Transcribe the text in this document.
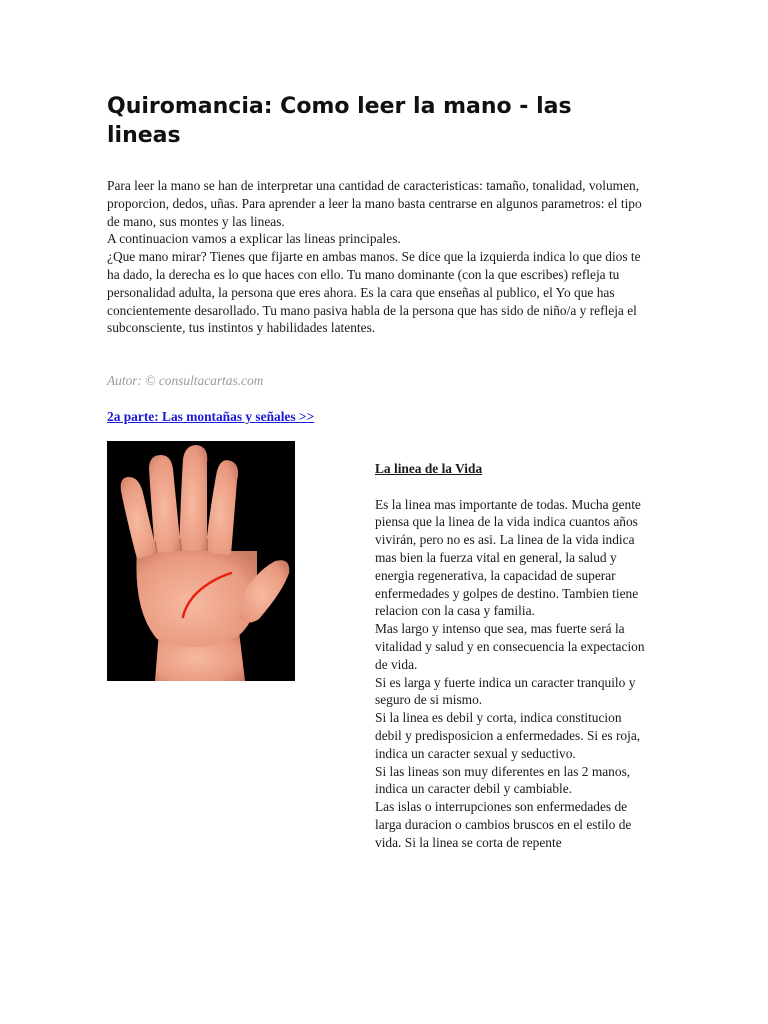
Quiromancia: Como leer la mano - las lineas

Para leer la mano se han de interpretar una cantidad de caracteristicas: tamaño, tonalidad, volumen, proporcion, dedos, uñas. Para aprender a leer la mano basta centrarse en algunos parametros: el tipo de mano, sus montes y las lineas.

A continuacion vamos a explicar las lineas principales.

¿Que mano mirar? Tienes que fijarte en ambas manos. Se dice que la izquierda indica lo que dios te ha dado, la derecha es lo que haces con ello. Tu mano dominante (con la que escribes) refleja tu personalidad adulta, la persona que eres ahora. Es la cara que enseñas al publico, el Yo que has concientemente desarollado. Tu mano pasiva habla de la persona que has sido de niño/a y refleja el subconsciente, tus instintos y habilidades latentes.

Autor: © consultacartas.com
2a parte: Las montañas y señales >>
La linea de la Vida

Es la linea mas importante de todas. Mucha gente piensa que la linea de la vida indica cuantos años vivirán, pero no es asi. La linea de la vida indica mas bien la fuerza vital en general, la salud y energia regenerativa, la capacidad de superar enfermedades y golpes de destino. Tambien tiene relacion con la casa y familia.

Mas largo y intenso que sea, mas fuerte será la vitalidad y salud y en consecuencia la expectacion de vida.

Si es larga y fuerte indica un caracter tranquilo y seguro de si mismo.

Si la linea es debil y corta, indica constitucion debil y predisposicion a enfermedades. Si es roja, indica un caracter sexual y seductivo.

Si las lineas son muy diferentes en las 2 manos, indica un caracter debil y cambiable.

Las islas o interrupciones son enfermedades de larga duracion o cambios bruscos en el estilo de vida. Si la linea se corta de repente
